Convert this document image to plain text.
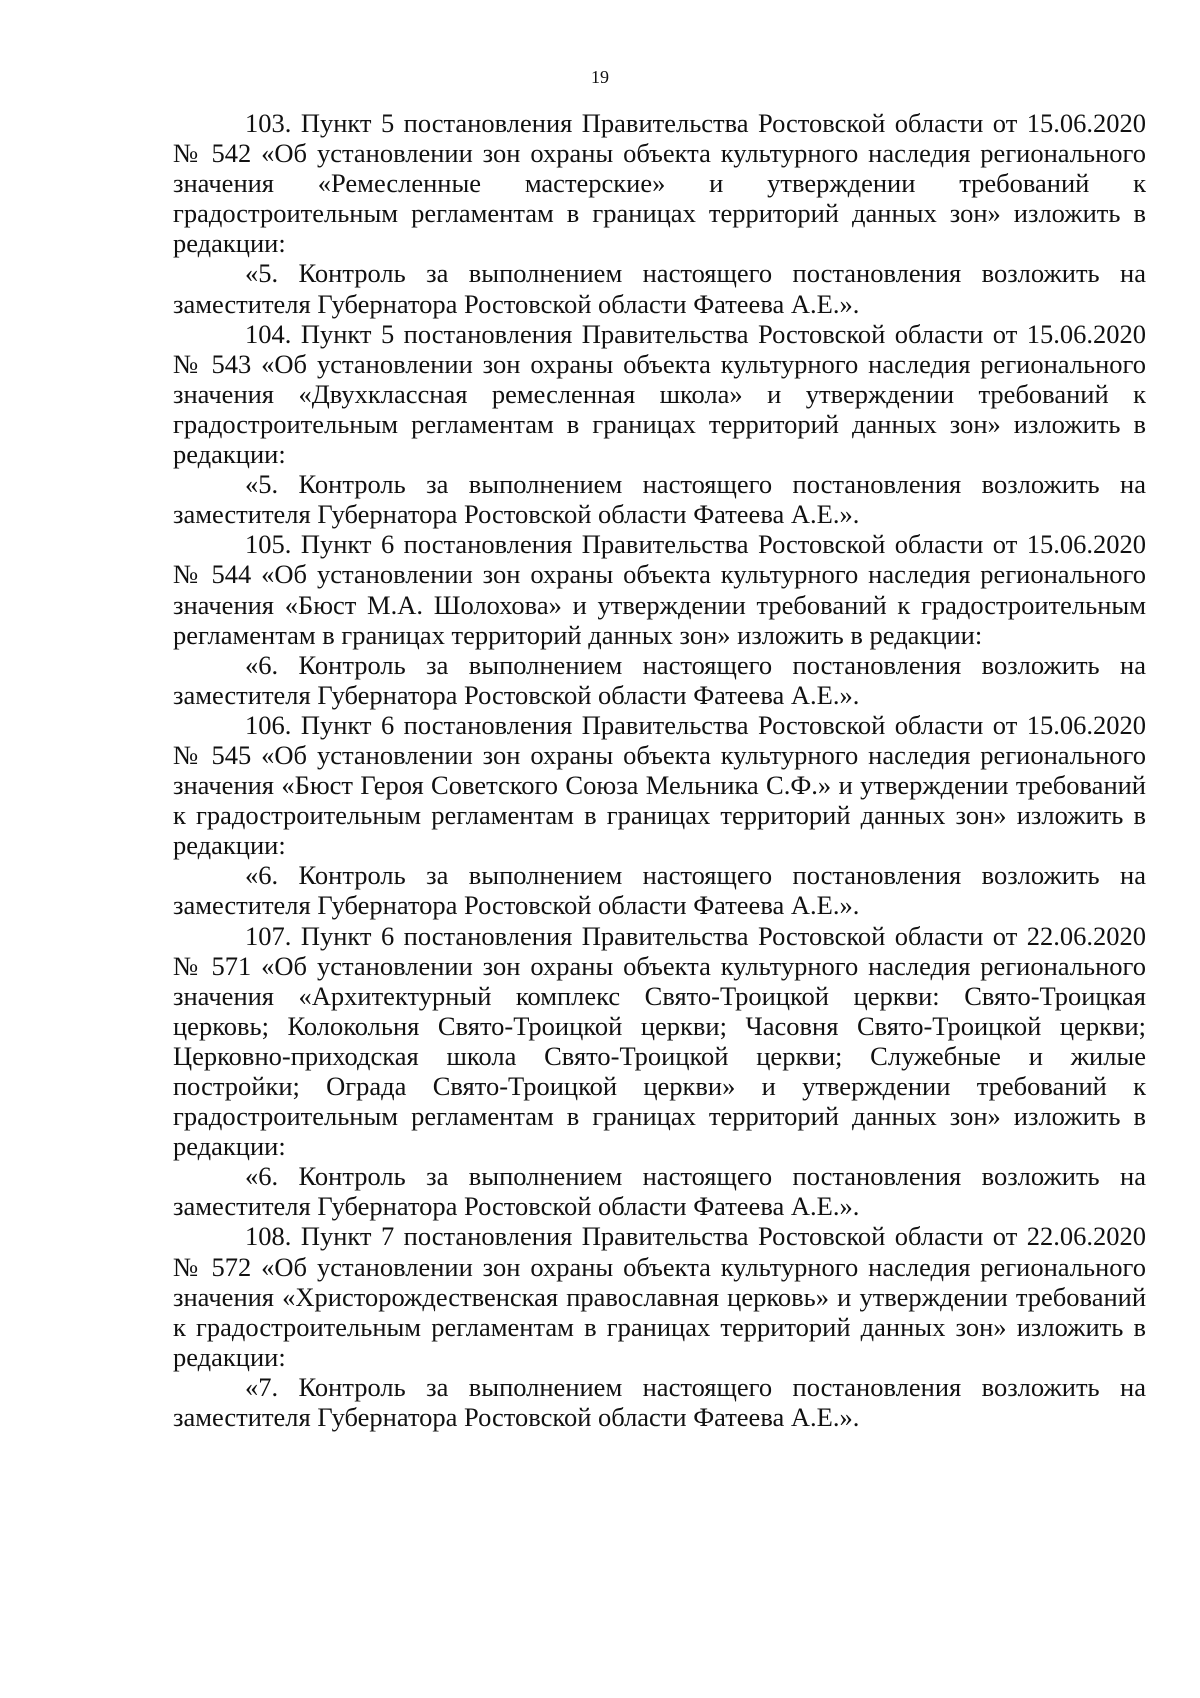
19

103. Пункт 5 постановления Правительства Ростовской области от 15.06.2020 № 542 «Об установлении зон охраны объекта культурного наследия регионального значения «Ремесленные мастерские» и утверждении требований к градостроительным регламентам в границах территорий данных зон» изложить в редакции:

«5. Контроль за выполнением настоящего постановления возложить на заместителя Губернатора Ростовской области Фатеева А.Е.».

104. Пункт 5 постановления Правительства Ростовской области от 15.06.2020 № 543 «Об установлении зон охраны объекта культурного наследия регионального значения «Двухклассная ремесленная школа» и утверждении требований к градостроительным регламентам в границах территорий данных зон» изложить в редакции:

«5. Контроль за выполнением настоящего постановления возложить на заместителя Губернатора Ростовской области Фатеева А.Е.».

105. Пункт 6 постановления Правительства Ростовской области от 15.06.2020 № 544 «Об установлении зон охраны объекта культурного наследия регионального значения «Бюст М.А. Шолохова» и утверждении требований к градостроительным регламентам в границах территорий данных зон» изложить в редакции:

«6. Контроль за выполнением настоящего постановления возложить на заместителя Губернатора Ростовской области Фатеева А.Е.».

106. Пункт 6 постановления Правительства Ростовской области от 15.06.2020 № 545 «Об установлении зон охраны объекта культурного наследия регионального значения «Бюст Героя Советского Союза Мельника С.Ф.» и утверждении требований к градостроительным регламентам в границах территорий данных зон» изложить в редакции:

«6. Контроль за выполнением настоящего постановления возложить на заместителя Губернатора Ростовской области Фатеева А.Е.».

107. Пункт 6 постановления Правительства Ростовской области от 22.06.2020 № 571 «Об установлении зон охраны объекта культурного наследия регионального значения «Архитектурный комплекс Свято-Троицкой церкви: Свято-Троицкая церковь; Колокольня Свято-Троицкой церкви; Часовня Свято-Троицкой церкви; Церковно-приходская школа Свято-Троицкой церкви; Служебные и жилые постройки; Ограда Свято-Троицкой церкви» и утверждении требований к градостроительным регламентам в границах территорий данных зон» изложить в редакции:

«6. Контроль за выполнением настоящего постановления возложить на заместителя Губернатора Ростовской области Фатеева А.Е.».

108. Пункт 7 постановления Правительства Ростовской области от 22.06.2020 № 572 «Об установлении зон охраны объекта культурного наследия регионального значения «Христорождественская православная церковь» и утверждении требований к градостроительным регламентам в границах территорий данных зон» изложить в редакции:

«7. Контроль за выполнением настоящего постановления возложить на заместителя Губернатора Ростовской области Фатеева А.Е.».
